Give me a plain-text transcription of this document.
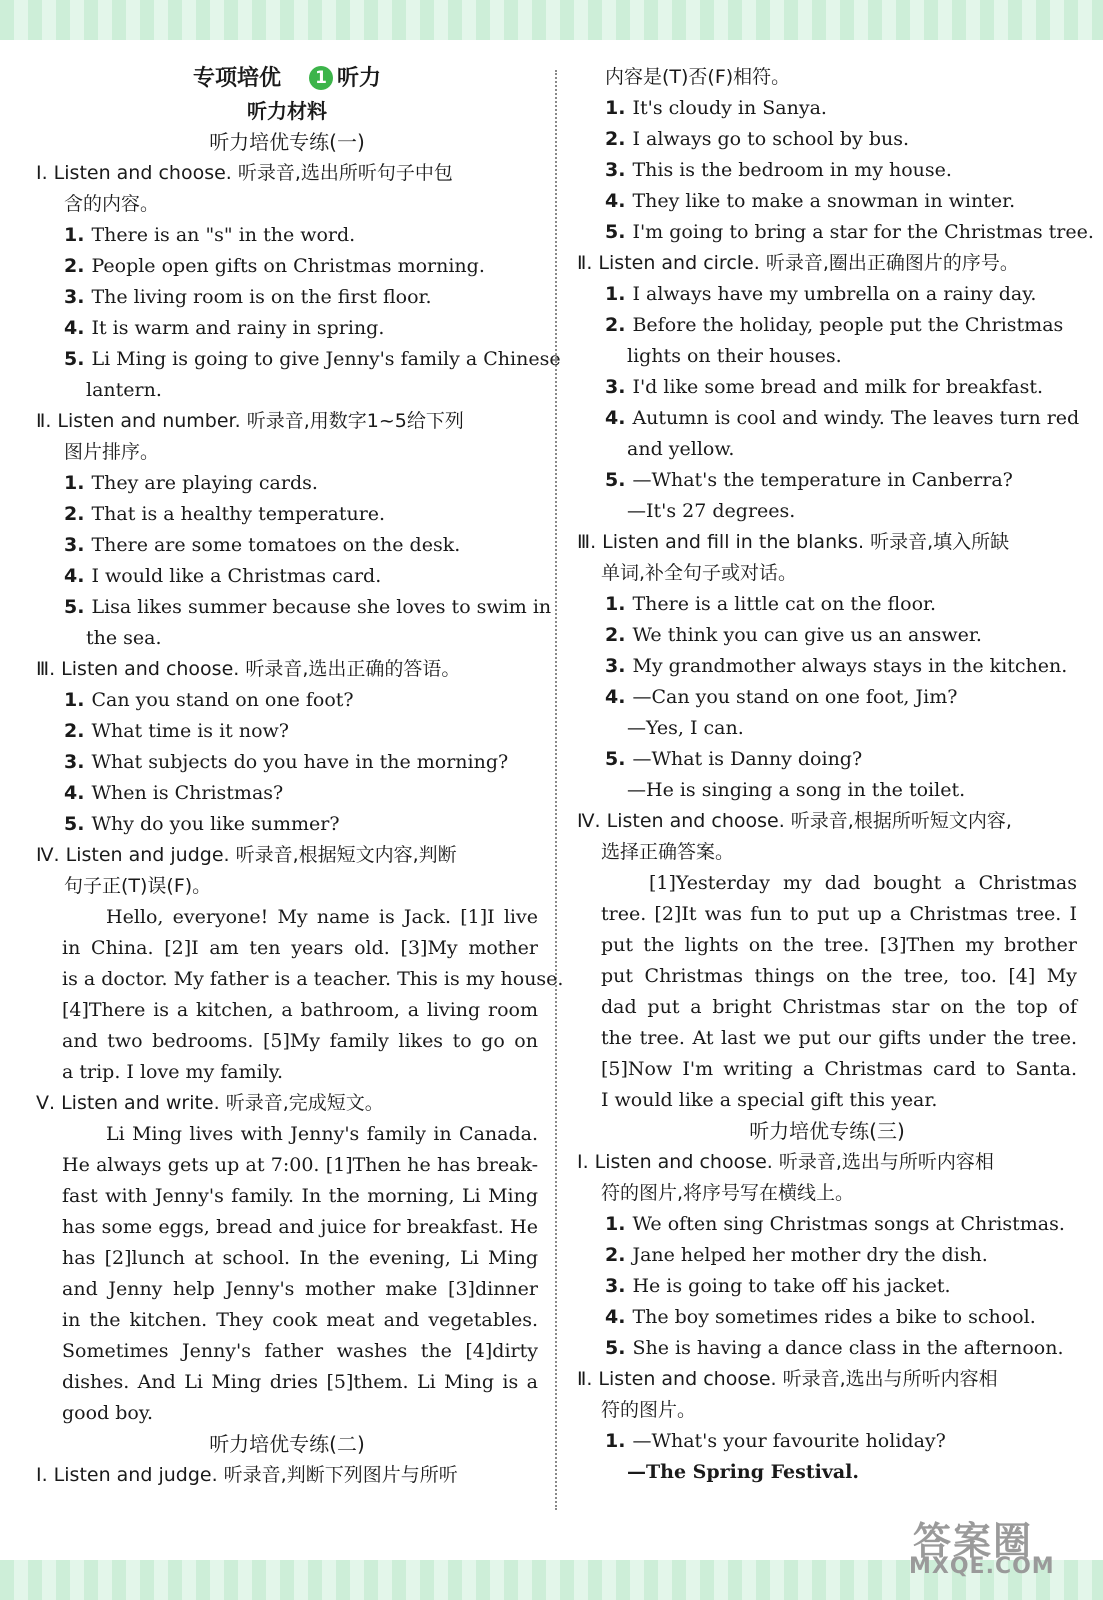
专项培优 1 听力
听力材料
听力培优专练(一)
Ⅰ. Listen and choose. 听录音,选出所听句子中包
含的内容。
1. There is an "s" in the word.
2. People open gifts on Christmas morning.
3. The living room is on the first floor.
4. It is warm and rainy in spring.
5. Li Ming is going to give Jenny's family a Chinese
lantern.
Ⅱ. Listen and number. 听录音,用数字1~5给下列
图片排序。
1. They are playing cards.
2. That is a healthy temperature.
3. There are some tomatoes on the desk.
4. I would like a Christmas card.
5. Lisa likes summer because she loves to swim in
the sea.
Ⅲ. Listen and choose. 听录音,选出正确的答语。
1. Can you stand on one foot?
2. What time is it now?
3. What subjects do you have in the morning?
4. When is Christmas?
5. Why do you like summer?
Ⅳ. Listen and judge. 听录音,根据短文内容,判断
句子正(T)误(F)。
Hello, everyone! My name is Jack. [1]I live
in China. [2]I am ten years old. [3]My mother
is a doctor. My father is a teacher. This is my house.
[4]There is a kitchen, a bathroom, a living room
and two bedrooms. [5]My family likes to go on
a trip. I love my family.
Ⅴ. Listen and write. 听录音,完成短文。
Li Ming lives with Jenny's family in Canada.
He always gets up at 7:00. [1]Then he has break-
fast with Jenny's family. In the morning, Li Ming
has some eggs, bread and juice for breakfast. He
has [2]lunch at school. In the evening, Li Ming
and Jenny help Jenny's mother make [3]dinner
in the kitchen. They cook meat and vegetables.
Sometimes Jenny's father washes the [4]dirty
dishes. And Li Ming dries [5]them. Li Ming is a
good boy.
听力培优专练(二)
Ⅰ. Listen and judge. 听录音,判断下列图片与所听
内容是(T)否(F)相符。
1. It's cloudy in Sanya.
2. I always go to school by bus.
3. This is the bedroom in my house.
4. They like to make a snowman in winter.
5. I'm going to bring a star for the Christmas tree.
Ⅱ. Listen and circle. 听录音,圈出正确图片的序号。
1. I always have my umbrella on a rainy day.
2. Before the holiday, people put the Christmas
lights on their houses.
3. I'd like some bread and milk for breakfast.
4. Autumn is cool and windy. The leaves turn red
and yellow.
5. —What's the temperature in Canberra?
—It's 27 degrees.
Ⅲ. Listen and fill in the blanks. 听录音,填入所缺
单词,补全句子或对话。
1. There is a little cat on the floor.
2. We think you can give us an answer.
3. My grandmother always stays in the kitchen.
4. —Can you stand on one foot, Jim?
—Yes, I can.
5. —What is Danny doing?
—He is singing a song in the toilet.
Ⅳ. Listen and choose. 听录音,根据所听短文内容,
选择正确答案。
[1]Yesterday my dad bought a Christmas
tree. [2]It was fun to put up a Christmas tree. I
put the lights on the tree. [3]Then my brother
put Christmas things on the tree, too. [4] My
dad put a bright Christmas star on the top of
the tree. At last we put our gifts under the tree.
[5]Now I'm writing a Christmas card to Santa.
I would like a special gift this year.
听力培优专练(三)
Ⅰ. Listen and choose. 听录音,选出与所听内容相
符的图片,将序号写在横线上。
1. We often sing Christmas songs at Christmas.
2. Jane helped her mother dry the dish.
3. He is going to take off his jacket.
4. The boy sometimes rides a bike to school.
5. She is having a dance class in the afternoon.
Ⅱ. Listen and choose. 听录音,选出与所听内容相
符的图片。
1. —What's your favourite holiday?
—The Spring Festival.
答案圈
MXQE.COM
